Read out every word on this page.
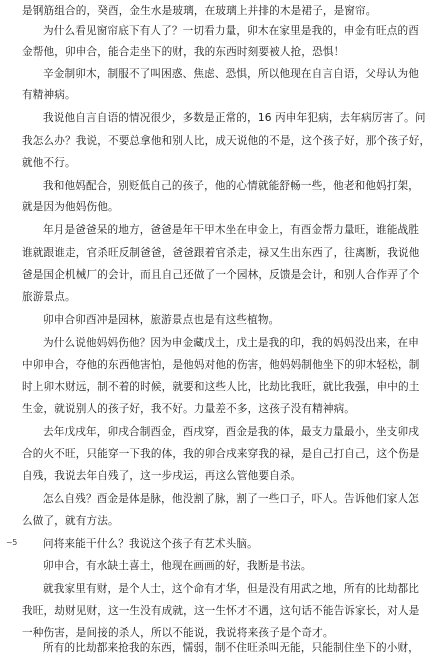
~5
是钢筋组合的，癸酉，金生水是玻璃，在玻璃上并排的木是裙子，是窗帘。
为什么看见窗帘底下有人了？一切看力量，卯木在家里是我的，申金有旺点的酉
金帮他，卯申合，能合走坐下的财，我的东西时刻要被人抢，恐惧！
辛金制卯木，制服不了叫困惑、焦虑、恐惧，所以他现在自言自语，父母认为他
有精神病。
我说他自言自语的情况很少，多数是正常的，16 丙申年犯病，去年病厉害了。问
我怎么办？我说，不要总拿他和别人比，成天说他的不是，这个孩子好，那个孩子好，
就他不行。
我和他妈配合，别贬低自己的孩子，他的心情就能舒畅一些，他老和他妈打架，
就是因为他妈伤他。
年月是爸爸呆的地方，爸爸是年干甲木坐在申金上，有酉金帮力量旺，谁能战胜
谁就跟谁走，官杀旺反制爸爸，爸爸跟着官杀走，禄又生出东西了，往离断，我说他
爸是国企机械厂的会计，而且自己还做了一个园林，反馈是会计，和别人合作弄了个
旅游景点。
卯申合卯酉冲是园林，旅游景点也是有这些植物。
为什么说他妈妈伤他？因为申金藏戊土，戊土是我的印，我的妈妈没出来，在申
中卯申合，夺他的东西他害怕，是他妈对他的伤害，他妈妈制他坐下的卯木轻松，制
时上卯木财远，制不着的时候，就要和这些人比，比劫比我旺，就比我强，申中的土
生金，就说别人的孩子好，我不好。力量差不多，这孩子没有精神病。
去年戊戌年，卯戌合制酉金，酉戌穿，酉金是我的体，最支力量最小，坐支卯戌
合的火不旺，只能穿一下我的体，我的卯合戌来穿我的禄，是自己打自己，这个伤是
自残，我说去年自残了，这一步戌运，再这么管他要自杀。
怎么自残？酉金是体是脉，他没割了脉，割了一些口子，吓人。告诉他们家人怎
么做了，就有方法。
问将来能干什么？我说这个孩子有艺术头脑。
卯申合，有水缺土喜土，他现在画画的好，我断是书法。
就我家里有财，是个人士，这个命有才华，但是没有用武之地，所有的比劫都比
我旺，劫财见财，这一生没有成就，这一生怀才不遇，这句话不能告诉家长，对人是
一种伤害，是间接的杀人，所以不能说，我说将来孩子是个奇才。
所有的比劫都来抢我的东西，懦弱，制不住旺杀叫无能，只能制住坐下的小财，
